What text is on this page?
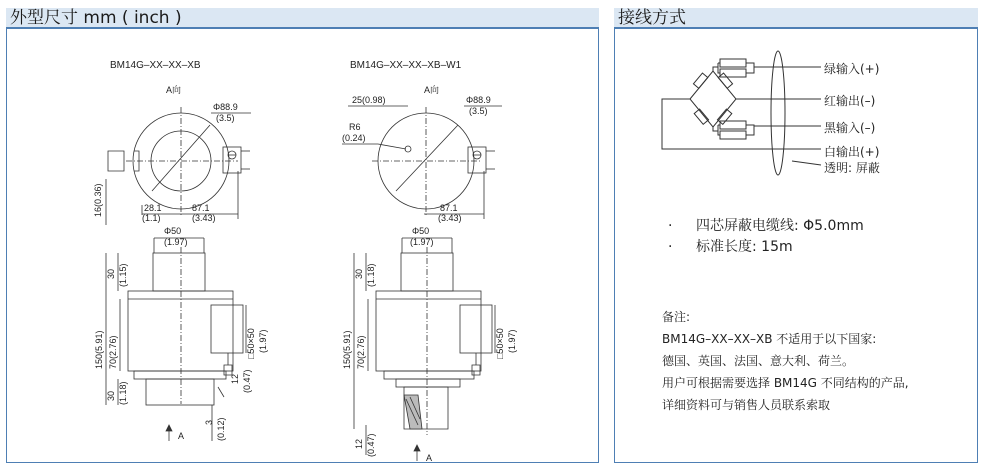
外型尺寸 mm ( inch )
BM14G–XX–XX–XB
A向
Φ88.9
(3.5)
16(0.36)	28.1
(1.1)
87.1
(3.43)
Φ50
(1.97)
30 (1.15)
150(5.91) 70(2.76)	□50×50 (1.97)
12 (0.47)
30 (1.18)
3 (0.12)
A
BM14G–XX–XX–XB–W1
A向
25(0.98)	Φ88.9
(3.5)
R6
(0.24)
87.1
(3.43)
Φ50
(1.97)
30 (1.18)
150(5.91) 70(2.76)	□50×50 (1.97)
12 (0.47)
A
接线方式
绿输入(+)
红输出(–)
黑输入(–)
白输出(+)
透明: 屏蔽
· 四芯屏蔽电缆线: Φ5.0mm
· 标准长度: 15m
备注:
BM14G–XX–XX–XB 不适用于以下国家:
德国、英国、法国、意大利、荷兰。
用户可根据需要选择 BM14G 不同结构的产品,
详细资料可与销售人员联系索取
